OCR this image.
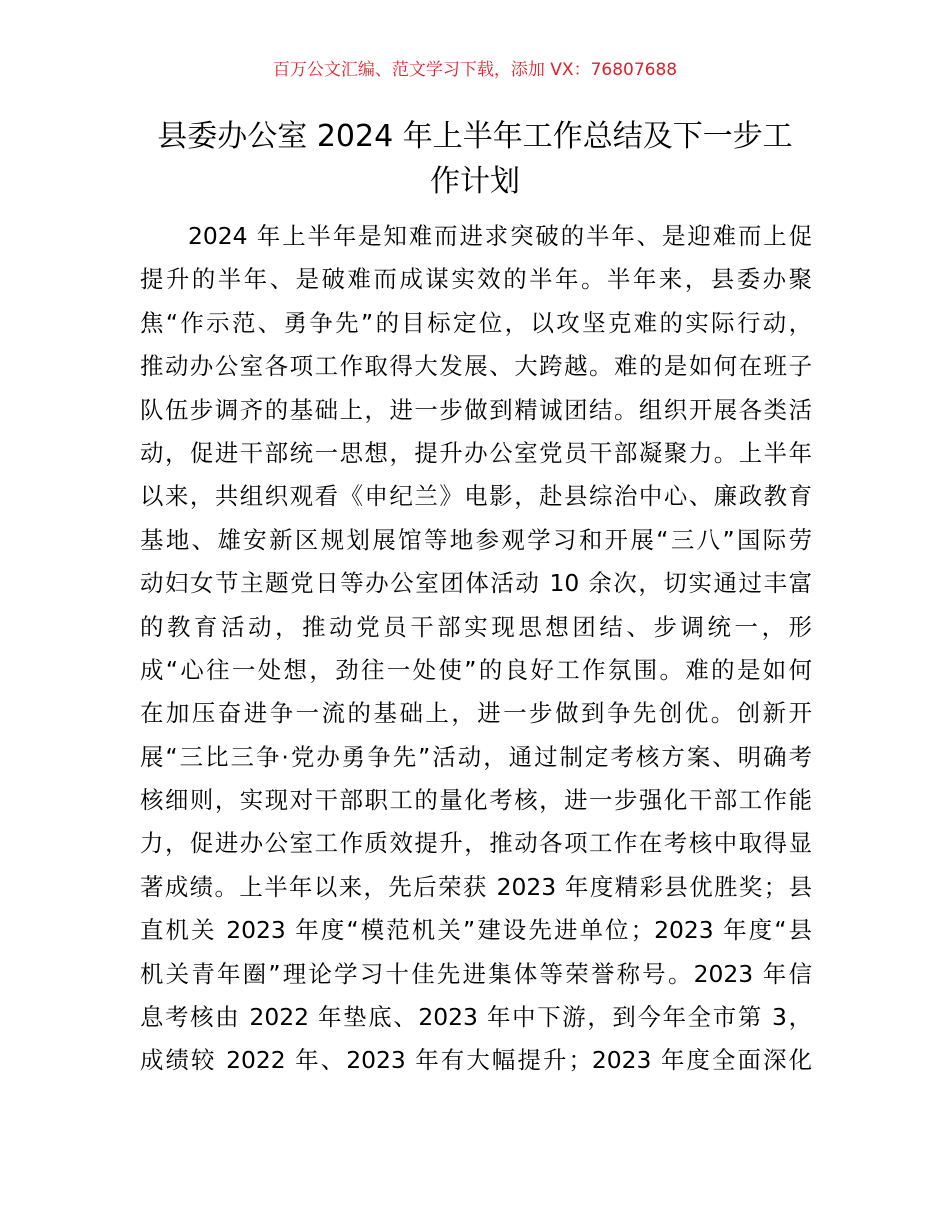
百万公文汇编、范文学习下载，添加 VX：76807688
县委办公室 2024 年上半年工作总结及下一步工
作计划
2024 年上半年是知难而进求突破的半年、是迎难而上促
提升的半年、是破难而成谋实效的半年。半年来，县委办聚
焦“作示范、勇争先”的目标定位，以攻坚克难的实际行动，
推动办公室各项工作取得大发展、大跨越。难的是如何在班子
队伍步调齐的基础上，进一步做到精诚团结。组织开展各类活
动，促进干部统一思想，提升办公室党员干部凝聚力。上半年
以来，共组织观看《申纪兰》电影，赴县综治中心、廉政教育
基地、雄安新区规划展馆等地参观学习和开展“三八”国际劳
动妇女节主题党日等办公室团体活动 10 余次，切实通过丰富
的教育活动，推动党员干部实现思想团结、步调统一，形
成“心往一处想，劲往一处使”的良好工作氛围。难的是如何
在加压奋进争一流的基础上，进一步做到争先创优。创新开
展“三比三争·党办勇争先”活动，通过制定考核方案、明确考
核细则，实现对干部职工的量化考核，进一步强化干部工作能
力，促进办公室工作质效提升，推动各项工作在考核中取得显
著成绩。上半年以来，先后荣获 2023 年度精彩县优胜奖；县
直机关 2023 年度“模范机关”建设先进单位；2023 年度“县
机关青年圈”理论学习十佳先进集体等荣誉称号。2023 年信
息考核由 2022 年垫底、2023 年中下游，到今年全市第 3，
成绩较 2022 年、2023 年有大幅提升；2023 年度全面深化
